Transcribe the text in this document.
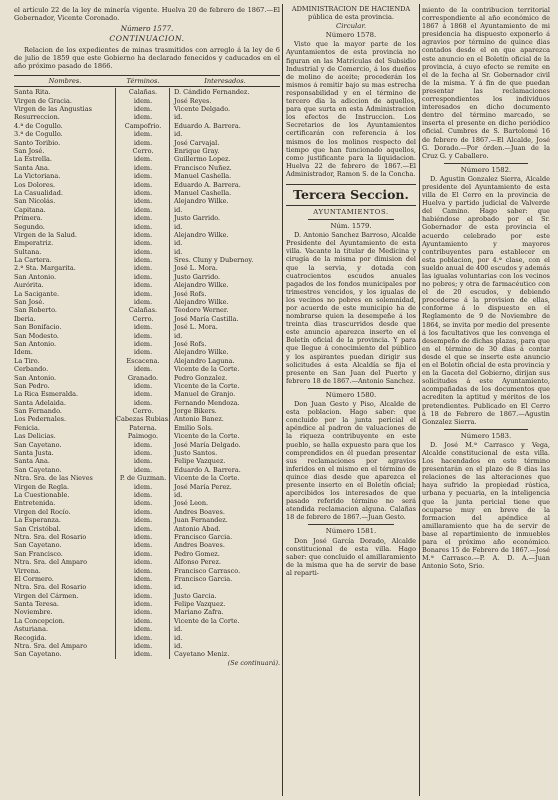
el artículo 22 de la ley de minería vigente. Huelva 20 de febrero de 1867.—El Gobernador, Vicente Coronado.

Número 1577.
CONTINUACION.

Relacion de los expedientes de minas trasmitidos con arreglo á la ley de 6 de julio de 1859 que este Gobierno ha declarado fenecidos y caducados en el año próximo pasado de 1866.

Nombres.	Términos.	Interesados.
Santa Rita.	Calañas.	D. Cándido Fernandez.
Virgen de Gracia.	idem.	José Reyes.
Virgen de las Angustias	idem.	Vicente Delgado.
Resurreccion.	idem.	id.
4.ª de Cogullo.	Campofrio.	Eduardo A. Barrera.
3.ª de Cogullo.	idem.	id.
Santo Toribio.	idem.	José Carvajal.
San José.	Cerro.	Enrique Gray.
La Estrella.	idem.	Guillermo Lopez.
Santa Ana.	idem.	Francisco Nuñez.
La Victoriana.	idem.	Manuel Cashella.
Los Dolores.	idem.	Eduardo A. Barrera.
La Casualidad.	idem.	Manuel Cashella.
San Nicolás.	idem.	Alejandro Wilke.
Capitana.	idem.	id.
Primera.	idem.	Justo Garrido.
Segundo.	idem.	id.
Virgen de la Salud.	idem.	Alejandro Wilke.
Emperatriz.	idem.	id.
Sultana.	idem.	id.
La Cartera.	idem.	Sres. Cluny y Dubernoy.
2.ª Sta. Margarita.	idem.	José L. Mora.
San Antonio.	idem.	Justo Garrido.
Aurórita.	idem.	Alejandro Wilke.
La Sacigante.	idem.	José Rofs.
San José.	idem.	Alejandro Wilke.
San Roberto.	Calañas.	Teodoro Werner.
Iberia.	Cerro.	José María Castilla.
San Bonifacio.	idem.	José L. Mora.
San Modesto.	idem.	id.
San Antonio.	idem.	José Rofs.
Idem.	idem.	Alejandro Wilke.
La Tiro.	Escacena.	Alejandro Laguna.
Cerbando.	idem.	Vicente de la Corte.
San Antonio.	Granado.	Pedro Gonzalez.
San Pedro.	idem.	Vicente de la Corte.
La Rica Esmeralda.	idem.	Manuel de Granjo.
Santa Adelaida.	idem.	Fernando Mendoza.
San Fernando.	Cerro.	Jorge Bikers.
Los Pedernales.	Cabezas Rubias. Antonio Banez.
Fenicia.	Paterna.	Emilio Sols.
Las Delicias.	Paimogo.	Vicente de la Corte.
San Cayetano.	idem.	José María Delgado.
Santa Justa.	idem.	Justo Santos.
Santa Ana.	idem.	Felipe Vazquez.
San Cayetano.	idem.	Eduardo A. Barrera.
Ntra. Sra. de las Nieves	P. de Guzman.	Vicente de la Corte.
Virgen de Regla.	idem.	José María Perez.
La Cuestionable.	idem.	id.
Entretenida.	idem.	José Leon.
Virgen del Rocío.	idem.	Andres Boaves.
La Esperanza.	idem.	Juan Fernandez.
San Cristóbal.	idem.	Antonio Abad.
Ntra. Sra. del Rosario	idem.	Francisco Garcia.
San Cayetano.	idem.	Andres Boaves.
San Francisco.	idem.	Pedro Gomez.
Ntra. Sra. del Amparo	idem.	Alfonso Perez.
Virrena.	idem.	Francisco Carrasco.
El Cormero.	idem.	Francisco Garcia.
Ntra. Sra. del Rosario	idem.	id.
Virgen del Cármen.	idem.	Justo Garcia.
Santa Teresa.	idem.	Felipe Vazquez.
Noviembre.	idem.	Mariano Zafra.
La Concepcion.	idem.	Vicente de la Corte.
Asturiana.	idem.	id.
Recogida.	idem.	id.
Ntra. Sra. del Amparo	idem.	id.
San Cayetano.	idem.	Cayetano Meniz.
(Se continuará).
ADMINISTRACION DE HACIENDA pública de esta provincia.
Circular.
Número 1578.

Visto que la mayor parte de los Ayuntamientos de esta provincia no figuran en las Matrículas del Subsidio Industrial y de Comercio, á los dueños de molino de aceite; procederán los mismos á remitir bajo su mas estrecha responsabilidad y en el término de tercero dia la adiccion de aquellos, para que surta en esta Administracion los efectos de Instruccion. Los Secretarios de los Ayuntamientos certificarán con referencia á los mismos de los molinos respecto del tiempo que han funcionado aquellos, como justificante para la liquidacion. Huelva 22 de febrero de 1867.—El Administrador, Ramon S. de la Concha.

Tercera Seccion.
AYUNTAMIENTOS.
Núm. 1579.

D. Antonio Sanchez Barroso, Alcalde Presidente del Ayuntamiento de esta villa. Vacante la titular de Medicina y cirugía de la misma por dimision del que la servia, y dotada con cuatrocientos escudos anuales pagados de los fondos municipales por trimestres vencidos, y los igualas de los vecinos no pobres en solemnidad, por acuerdo de este municipio ha de nombrarse quien la desempeñe á los treinta dias trascurridos desde que este anuncio aparezca inserto en el Boletín oficial de la provincia. Y para que llegue á conocimiento del público y los aspirantes puedan dirigir sus solicitudes á esta Alcaldía se fija el presente en San Juan del Puerto y febrero 18 de 1867.—Antonio Sanchez.

Número 1580.

Don Juan Gesto y Piso, Alcalde de esta poblacion. Hago saber: que concluido por la junta pericial el apéndice al padron de valuaciones de la riqueza contribuyente en este pueblo, se halla expuesto para que los comprendidos en él puedan presentar sus reclamaciones por agravios inferidos en el mismo en el término de quince dias desde que aparezca el presente inserto en el Boletín oficial; apercibidos los interesados de que pasado referido término no será atendida reclamacion alguna. Calañas 18 de febrero de 1867.—Juan Gesto.

Número 1581.

Don José García Dorado, Alcalde constitucional de esta villa. Hago saber: que concluido el amillaramiento de la misma que ha de servir de base al reparti-

miento de la contribucion territorial correspondiente al año económico de 1867 á 1868 el Ayuntamiento de mi presidencia ha dispuesto exponerlo á agravios por término de quince dias contados desde el en que aparezca este anuncio en el Boletín oficial de la provincia, á cuyo efecto se remite en el de la fecha al Sr. Gobernador civil de la misma. Y á fin de que puedan presentar las reclamaciones correspondientes los individuos interesados en dicho documento dentro del término marcado, se inserta el presente en dicho periódico oficial. Cumbres de S. Bartolomé 16 de febrero de 1867.—El Alcalde, José G. Dorado.—Por órden.—Juan de la Cruz G. y Caballero.

Número 1582.

D. Agustin Gonzalez Sierra, Alcalde presidente del Ayuntamiento de esta villa de El Cerro en la provincia de Huelva y partido judicial de Valverde del Camino. Hago saber: que habiéndose aprobado por el Sr. Gobernador de esta provincia el acuerdo celebrado por este Ayuntamiento y mayores contribuyentes para establecer en esta poblacion, por 4.ª clase, con el sueldo anual de 400 escudos y además las igualas voluntarias con los vecinos no pobres; y otra de farmacéutico con el de 20 escudos, y debiendo procederse á la provision de ellas, conforme á lo dispuesto en el Reglamento de 9 de Noviembre de 1864, se invita por medio del presente á los facultativos que les convenga el desempeño de dichas plazas, para que en el término de 30 dias á contar desde el que se inserte este anuncio en el Boletín oficial de esta provincia y en la Gaceta del Gobierno, dirijan sus solicitudes á este Ayuntamiento, acompañadas de los documentos que acrediten la aptitud y méritos de los pretendientes. Publicado en El Cerro á 18 de Febrero de 1867.—Agustin Gonzalez Sierra.

Número 1583.

D. José M.ª Carrasco y Vega, Alcalde constitucional de esta villa. Los hacendados en este término presentarán en el plazo de 8 dias las relaciones de las alteraciones que haya sufrido la propiedad rústica, urbana y pecuaria, en la inteligencia que la junta pericial tiene que ocuparse muy en breve de la formacion del apéndice al amillaramiento que ha de servir de base al repartimiento de inmuebles para el próximo año económico. Bonares 15 de Febrero de 1867.—José M.ª Carrasco.—P. A. D. A.—Juan Antonio Soto, Srio.
